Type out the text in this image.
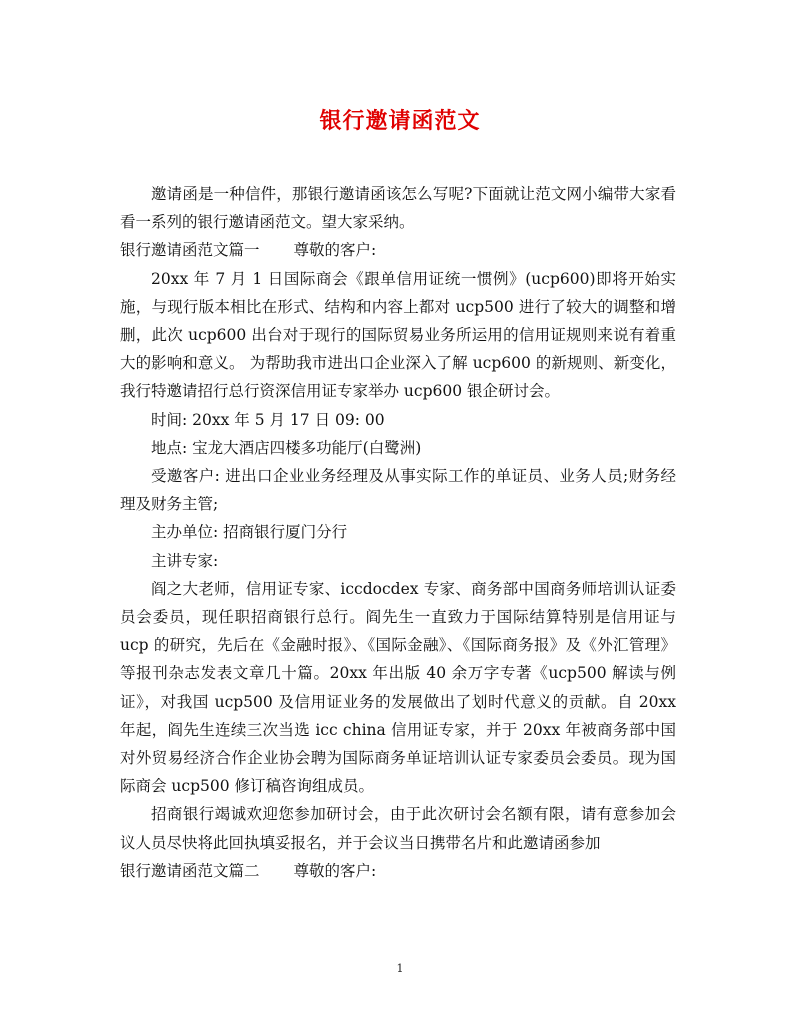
银行邀请函范文

邀请函是一种信件，那银行邀请函该怎么写呢?下面就让范文网小编带大家看看一系列的银行邀请函范文。望大家采纳。

银行邀请函范文篇一 尊敬的客户:

20xx 年 7 月 1 日国际商会《跟单信用证统一惯例》(ucp600)即将开始实施，与现行版本相比在形式、结构和内容上都对 ucp500 进行了较大的调整和增删，此次 ucp600 出台对于现行的国际贸易业务所运用的信用证规则来说有着重大的影响和意义。 为帮助我市进出口企业深入了解 ucp600 的新规则、新变化，我行特邀请招行总行资深信用证专家举办 ucp600 银企研讨会。

时间: 20xx 年 5 月 17 日 09: 00

地点: 宝龙大酒店四楼多功能厅(白鹭洲)

受邀客户: 进出口企业业务经理及从事实际工作的单证员、业务人员;财务经理及财务主管;

主办单位: 招商银行厦门分行

主讲专家:

阎之大老师，信用证专家、iccdocdex 专家、商务部中国商务师培训认证委员会委员，现任职招商银行总行。阎先生一直致力于国际结算特别是信用证与 ucp 的研究，先后在《金融时报》、《国际金融》、《国际商务报》及《外汇管理》等报刊杂志发表文章几十篇。20xx 年出版 40 余万字专著《ucp500 解读与例证》，对我国 ucp500 及信用证业务的发展做出了划时代意义的贡献。自 20xx 年起，阎先生连续三次当选 icc china 信用证专家，并于 20xx 年被商务部中国对外贸易经济合作企业协会聘为国际商务单证培训认证专家委员会委员。现为国际商会 ucp500 修订稿咨询组成员。

招商银行竭诚欢迎您参加研讨会，由于此次研讨会名额有限，请有意参加会议人员尽快将此回执填妥报名，并于会议当日携带名片和此邀请函参加

银行邀请函范文篇二 尊敬的客户:

1
